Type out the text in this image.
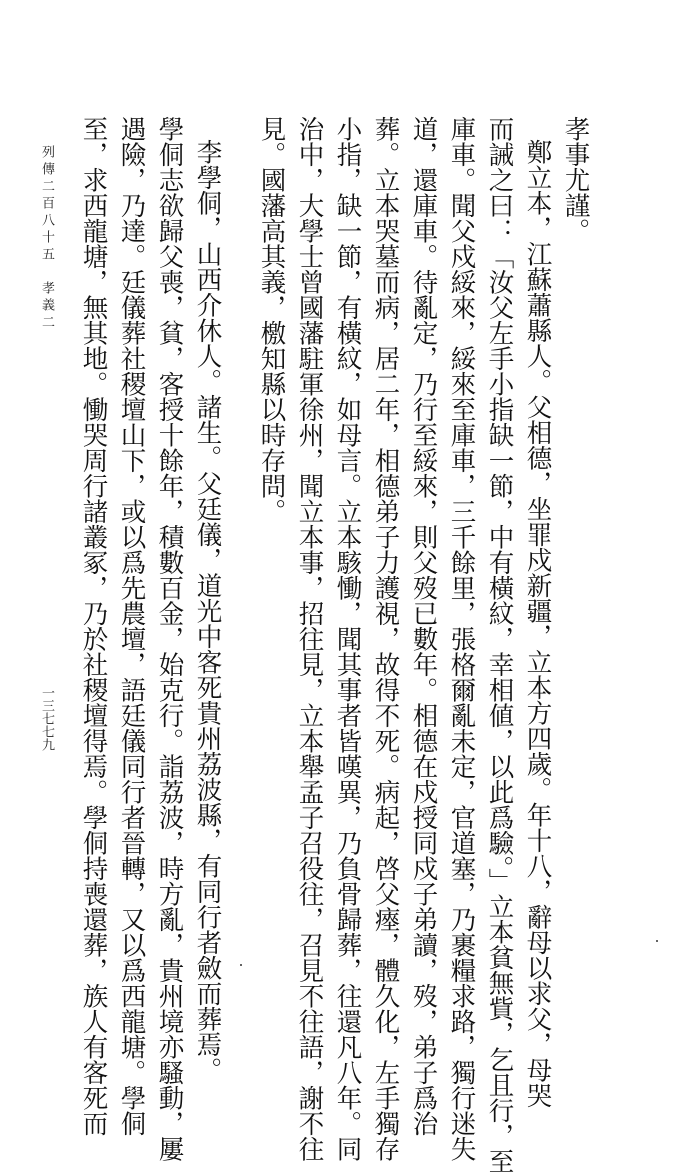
孝事尤謹。
鄭立本，江蘇蕭縣人。父相德，坐罪戍新疆，立本方四歲。年十八，辭母以求父，母哭
而誡之曰：「汝父左手小指缺一節，中有橫紋，幸相値，以此爲驗。」立本貧無貲，乞且行，至
庫車。聞父戍綏來，綏來至庫車，三千餘里，張格爾亂未定，官道塞，乃裹糧求路，獨行迷失
道，還庫車。待亂定，乃行至綏來，則父歿已數年。相德在戍授同戍子弟讀，歿，弟子爲治
葬。立本哭墓而病，居二年，相德弟子力護視，故得不死。病起，啓父瘞，體久化，左手獨存
小指，缺一節，有橫紋，如母言。立本駭慟，聞其事者皆嘆異，乃負骨歸葬，往還凡八年。同
治中，大學士曾國藩駐軍徐州，聞立本事，招往見，立本舉孟子召役往，召見不往語，謝不往
見。國藩高其義，檄知縣以時存問。
李學侗，山西介休人。諸生。父廷儀，道光中客死貴州荔波縣，有同行者斂而葬焉。
學侗志欲歸父喪，貧，客授十餘年，積數百金，始克行。詣荔波，時方亂，貴州境亦騷動，屢
遇險，乃達。廷儀葬社稷壇山下，或以爲先農壇，語廷儀同行者晉轉，又以爲西龍塘。學侗
至，求西龍塘，無其地。慟哭周行諸叢冢，乃於社稷壇得焉。學侗持喪還葬，族人有客死而
列傳二百八十五　孝義二
一三七七九
